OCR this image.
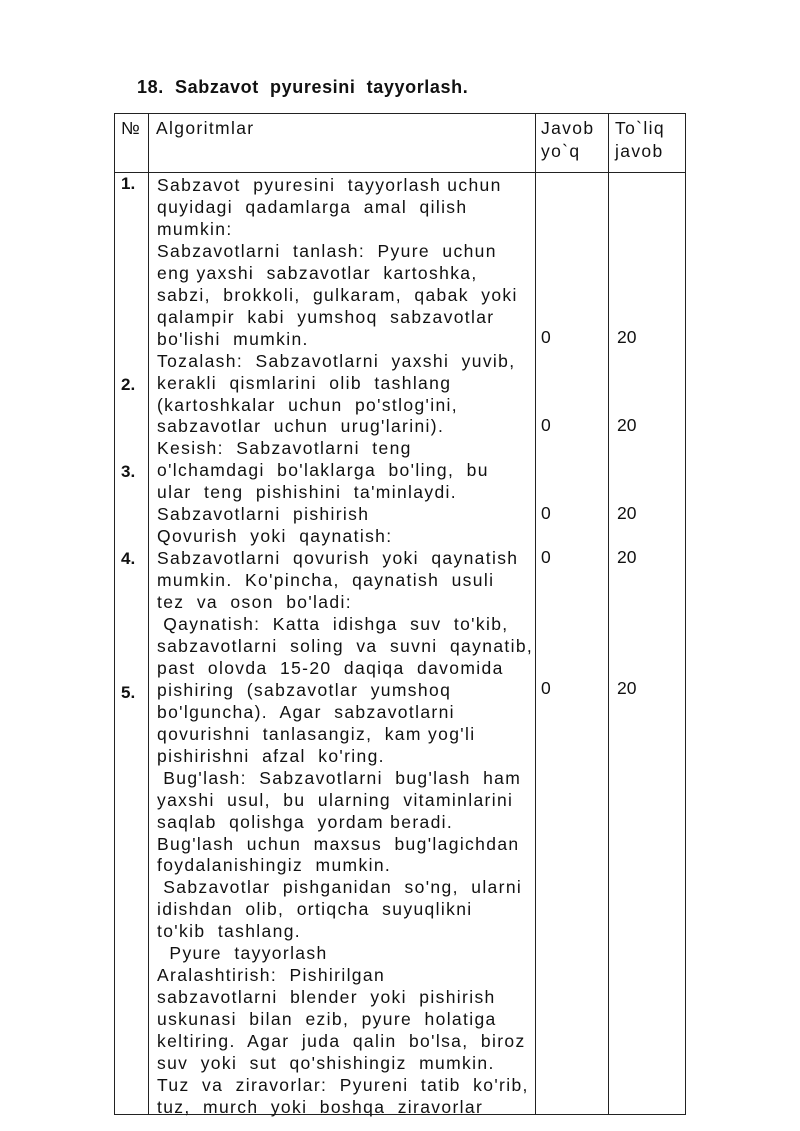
18.  Sabzavot  pyuresini  tayyorlash.
№ Algoritmlar	Javob
yo`q
To`liq
javob
1.
2.
3.
4.
5.
0
0
0
0
0
20
20
20
20
20
Sabzavot  pyuresini  tayyorlash uchun
quyidagi  qadamlarga  amal  qilish
mumkin:
Sabzavotlarni  tanlash:  Pyure  uchun
eng yaxshi  sabzavotlar  kartoshka,
sabzi,  brokkoli,  gulkaram,  qabak  yoki
qalampir  kabi  yumshoq  sabzavotlar
bo'lishi  mumkin.
Tozalash:  Sabzavotlarni  yaxshi  yuvib,
kerakli  qismlarini  olib  tashlang
(kartoshkalar  uchun  po'stlog'ini,
sabzavotlar  uchun  urug'larini).
Kesish:  Sabzavotlarni  teng
o'lchamdagi  bo'laklarga  bo'ling,  bu
ular  teng  pishishini  ta'minlaydi.
Sabzavotlarni  pishirish
Qovurish  yoki  qaynatish:
Sabzavotlarni  qovurish  yoki  qaynatish
mumkin.  Ko'pincha,  qaynatish  usuli
tez  va  oson  bo'ladi:
Qaynatish:  Katta  idishga  suv  to'kib,
sabzavotlarni  soling  va  suvni  qaynatib,
past  olovda  15-20  daqiqa  davomida
pishiring  (sabzavotlar  yumshoq
bo'lguncha).  Agar  sabzavotlarni
qovurishni  tanlasangiz,  kam yog'li
pishirishni  afzal  ko'ring.
Bug'lash:  Sabzavotlarni  bug'lash  ham
yaxshi  usul,  bu  ularning  vitaminlarini
saqlab  qolishga  yordam beradi.
Bug'lash  uchun  maxsus  bug'lagichdan
foydalanishingiz  mumkin.
Sabzavotlar  pishganidan  so'ng,  ularni
idishdan  olib,  ortiqcha  suyuqlikni
to'kib  tashlang.
Pyure  tayyorlash
Aralashtirish:  Pishirilgan
sabzavotlarni  blender  yoki  pishirish
uskunasi  bilan  ezib,  pyure  holatiga
keltiring.  Agar  juda  qalin  bo'lsa,  biroz
suv  yoki  sut  qo'shishingiz  mumkin.
Tuz  va  ziravorlar:  Pyureni  tatib  ko'rib,
tuz,  murch  yoki  boshqa  ziravorlar
